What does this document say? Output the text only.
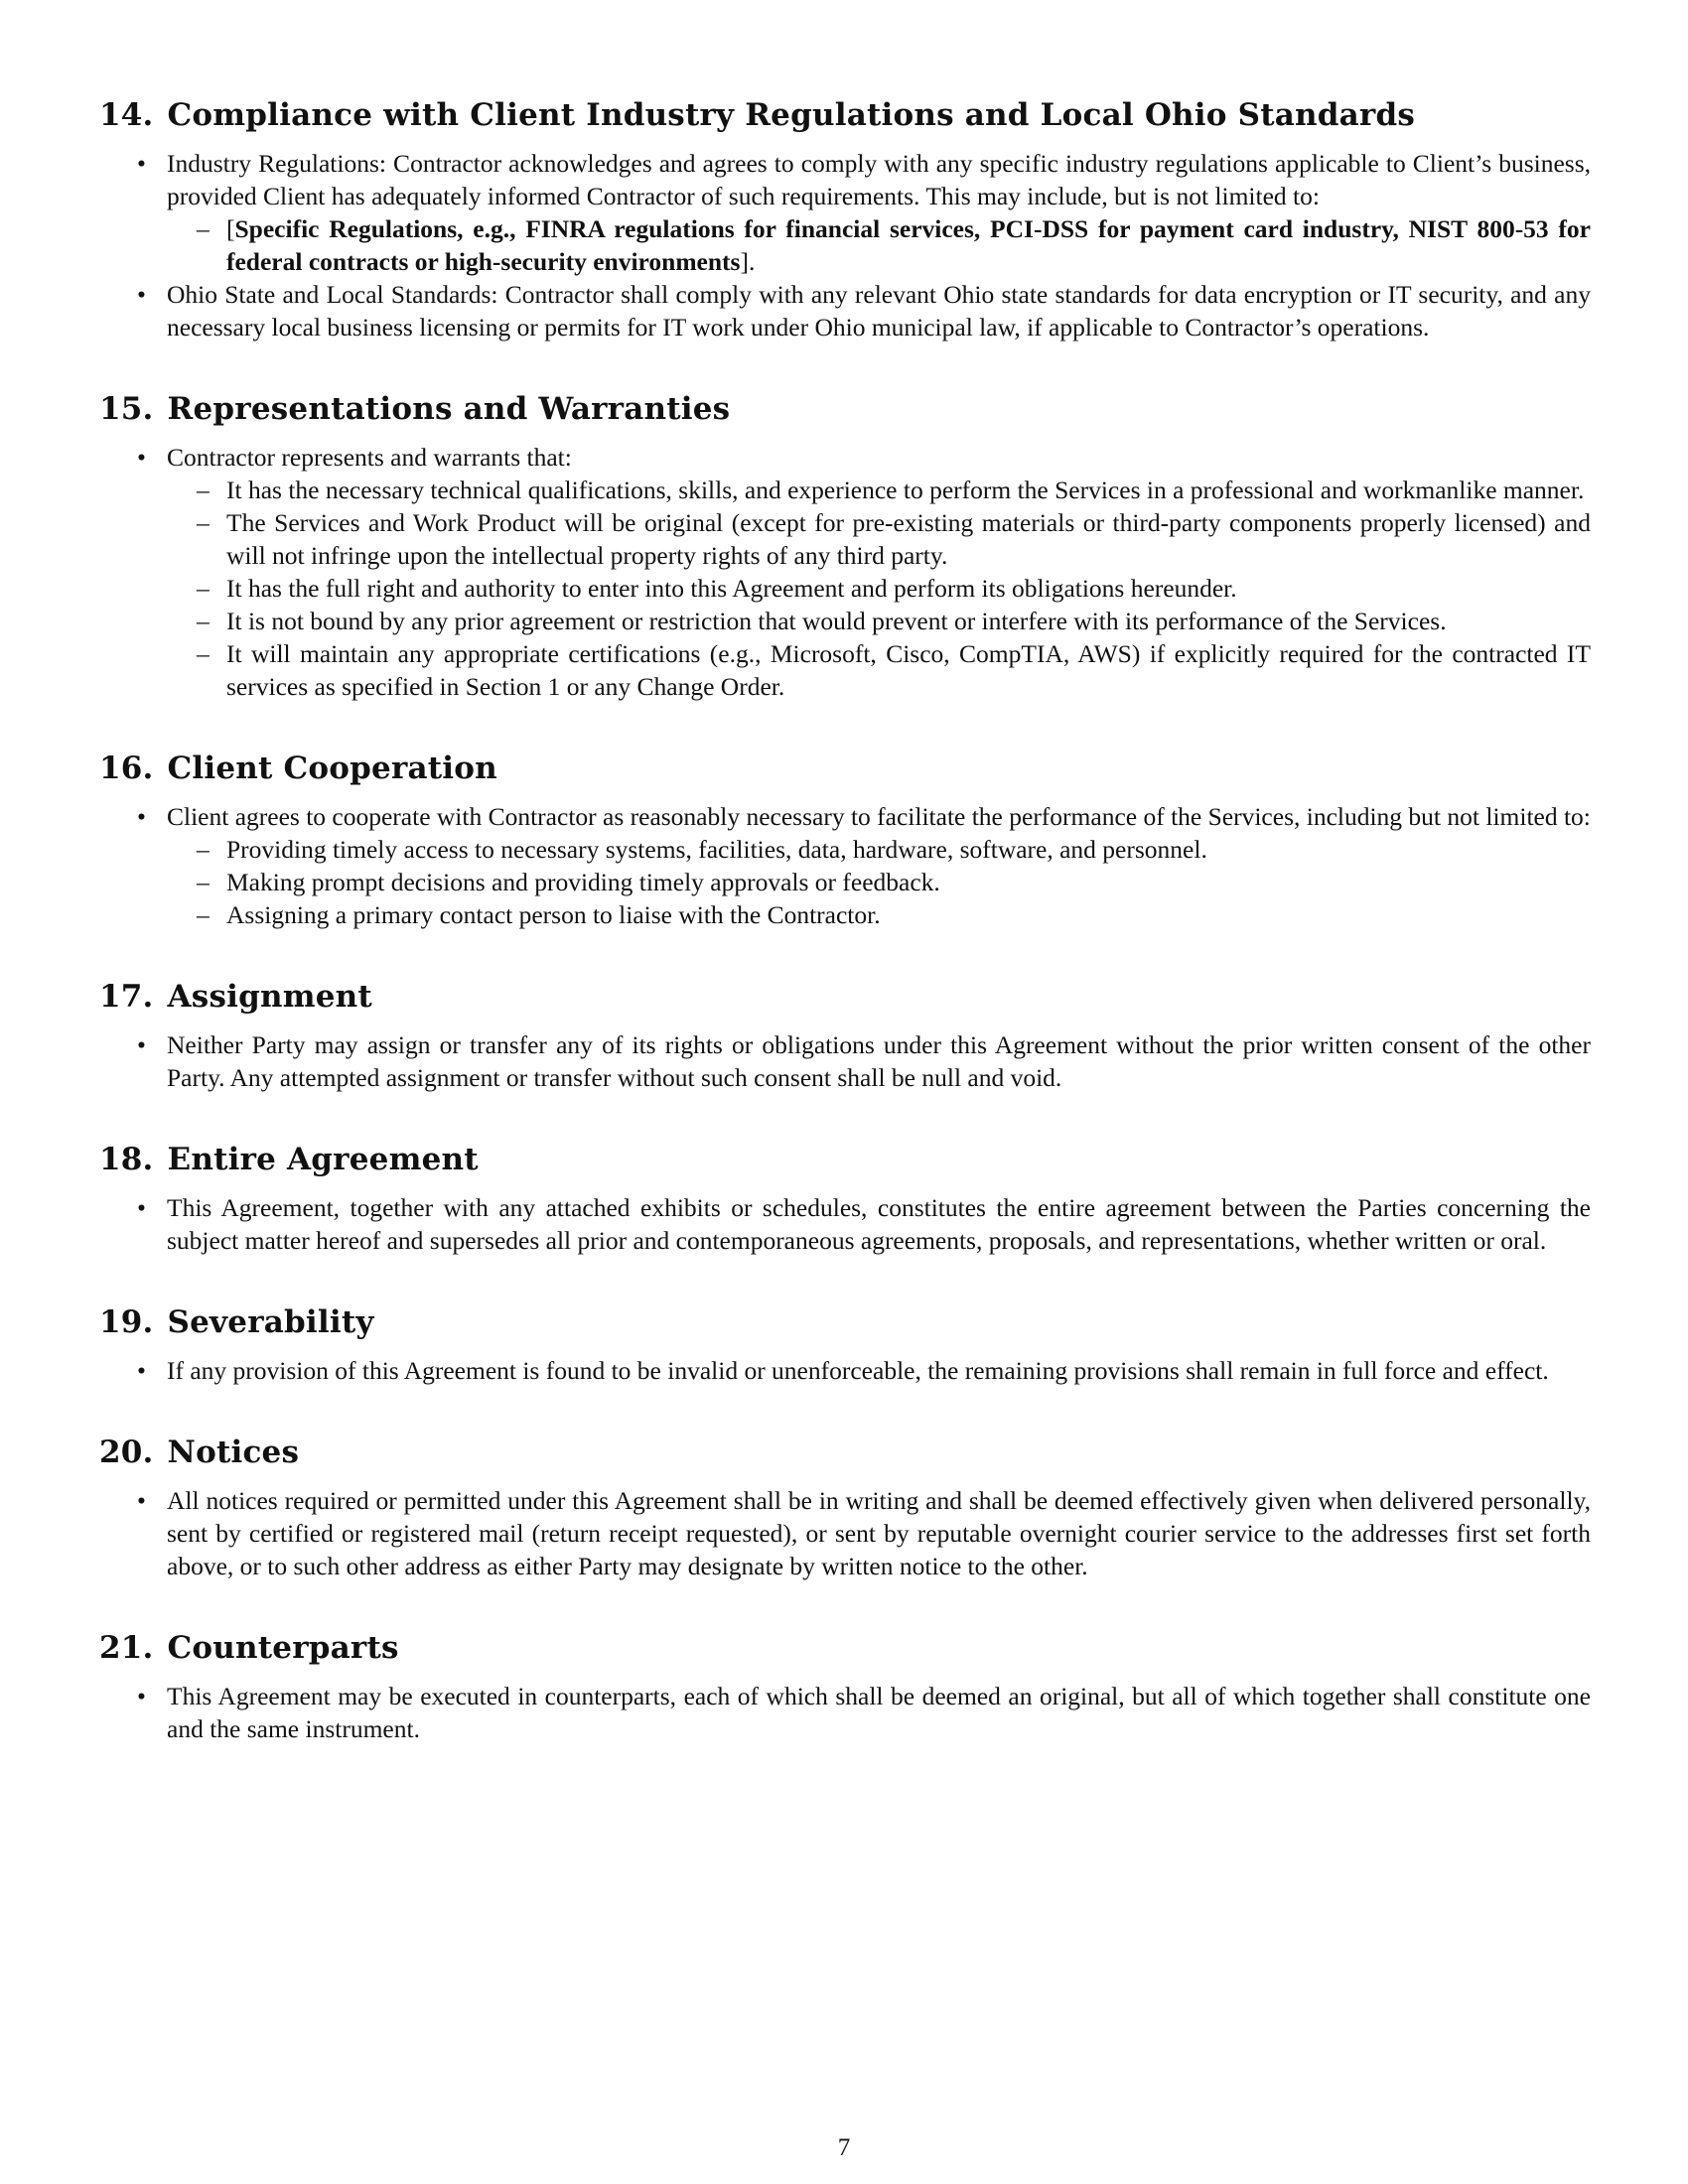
14. Compliance with Client Industry Regulations and Local Ohio Standards
• Industry Regulations: Contractor acknowledges and agrees to comply with any specific industry regulations applicable to Client’s business, provided Client has adequately informed Contractor of such requirements. This may include, but is not limited to:
– [Specific Regulations, e.g., FINRA regulations for financial services, PCI-DSS for payment card industry, NIST 800-53 for federal contracts or high-security environments].
• Ohio State and Local Standards: Contractor shall comply with any relevant Ohio state standards for data encryption or IT security, and any necessary local business licensing or permits for IT work under Ohio municipal law, if applicable to Contractor’s operations.
15. Representations and Warranties
• Contractor represents and warrants that:
– It has the necessary technical qualifications, skills, and experience to perform the Services in a professional and workmanlike manner.
– The Services and Work Product will be original (except for pre-existing materials or third-party components properly licensed) and will not infringe upon the intellectual property rights of any third party.
– It has the full right and authority to enter into this Agreement and perform its obligations hereunder.
– It is not bound by any prior agreement or restriction that would prevent or interfere with its performance of the Services.
– It will maintain any appropriate certifications (e.g., Microsoft, Cisco, CompTIA, AWS) if explicitly required for the contracted IT services as specified in Section 1 or any Change Order.
16. Client Cooperation
• Client agrees to cooperate with Contractor as reasonably necessary to facilitate the performance of the Services, including but not limited to:
– Providing timely access to necessary systems, facilities, data, hardware, software, and personnel.
– Making prompt decisions and providing timely approvals or feedback.
– Assigning a primary contact person to liaise with the Contractor.
17. Assignment
• Neither Party may assign or transfer any of its rights or obligations under this Agreement without the prior written consent of the other Party. Any attempted assignment or transfer without such consent shall be null and void.
18. Entire Agreement
• This Agreement, together with any attached exhibits or schedules, constitutes the entire agreement between the Parties concerning the subject matter hereof and supersedes all prior and contemporaneous agreements, proposals, and representations, whether written or oral.
19. Severability
• If any provision of this Agreement is found to be invalid or unenforceable, the remaining provisions shall remain in full force and effect.
20. Notices
• All notices required or permitted under this Agreement shall be in writing and shall be deemed effectively given when delivered personally, sent by certified or registered mail (return receipt requested), or sent by reputable overnight courier service to the addresses first set forth above, or to such other address as either Party may designate by written notice to the other.
21. Counterparts
• This Agreement may be executed in counterparts, each of which shall be deemed an original, but all of which together shall constitute one and the same instrument.
7
